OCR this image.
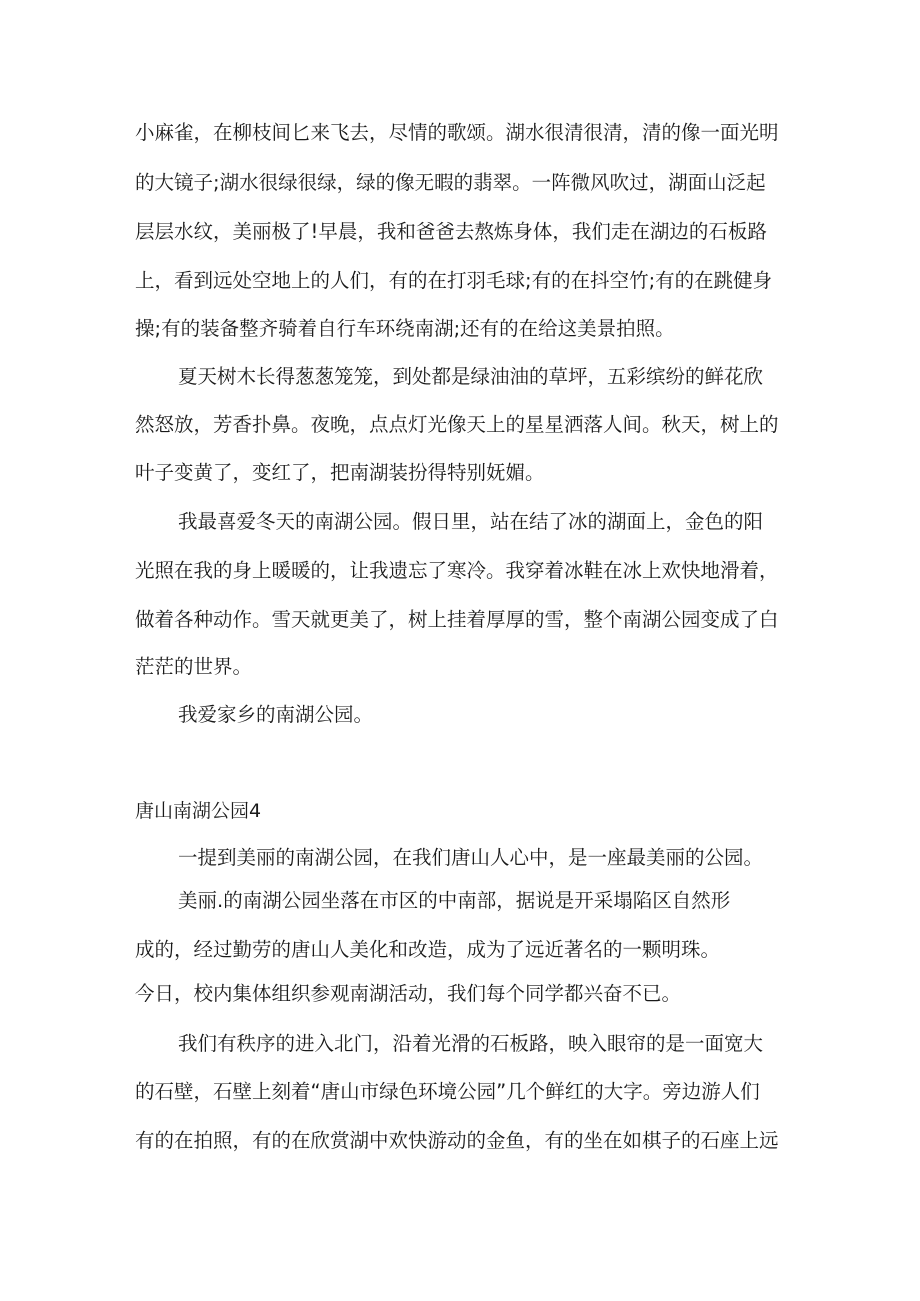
小麻雀，在柳枝间匕来飞去，尽情的歌颂。湖水很清很清，清的像一面光明
的大镜子;湖水很绿很绿，绿的像无暇的翡翠。一阵微风吹过，湖面山泛起
层层水纹，美丽极了!早晨，我和爸爸去熬炼身体，我们走在湖边的石板路
上，看到远处空地上的人们，有的在打羽毛球;有的在抖空竹;有的在跳健身
操;有的装备整齐骑着自行车环绕南湖;还有的在给这美景拍照。
夏天树木长得葱葱笼笼，到处都是绿油油的草坪，五彩缤纷的鲜花欣
然怒放，芳香扑鼻。夜晚，点点灯光像天上的星星洒落人间。秋天，树上的
叶子变黄了，变红了，把南湖装扮得特别妩媚。
我最喜爱冬天的南湖公园。假日里，站在结了冰的湖面上，金色的阳
光照在我的身上暖暖的，让我遗忘了寒冷。我穿着冰鞋在冰上欢快地滑着，
做着各种动作。雪天就更美了，树上挂着厚厚的雪，整个南湖公园变成了白
茫茫的世界。
我爱家乡的南湖公园。
唐山南湖公园4
一提到美丽的南湖公园，在我们唐山人心中，是一座最美丽的公园。
美丽.的南湖公园坐落在市区的中南部，据说是开采塌陷区自然形
成的，经过勤劳的唐山人美化和改造，成为了远近著名的一颗明珠。
今日，校内集体组织参观南湖活动，我们每个同学都兴奋不已。
我们有秩序的进入北门，沿着光滑的石板路，映入眼帘的是一面宽大
的石壁，石壁上刻着“唐山市绿色环境公园”几个鲜红的大字。旁边游人们
有的在拍照，有的在欣赏湖中欢快游动的金鱼，有的坐在如棋子的石座上远
